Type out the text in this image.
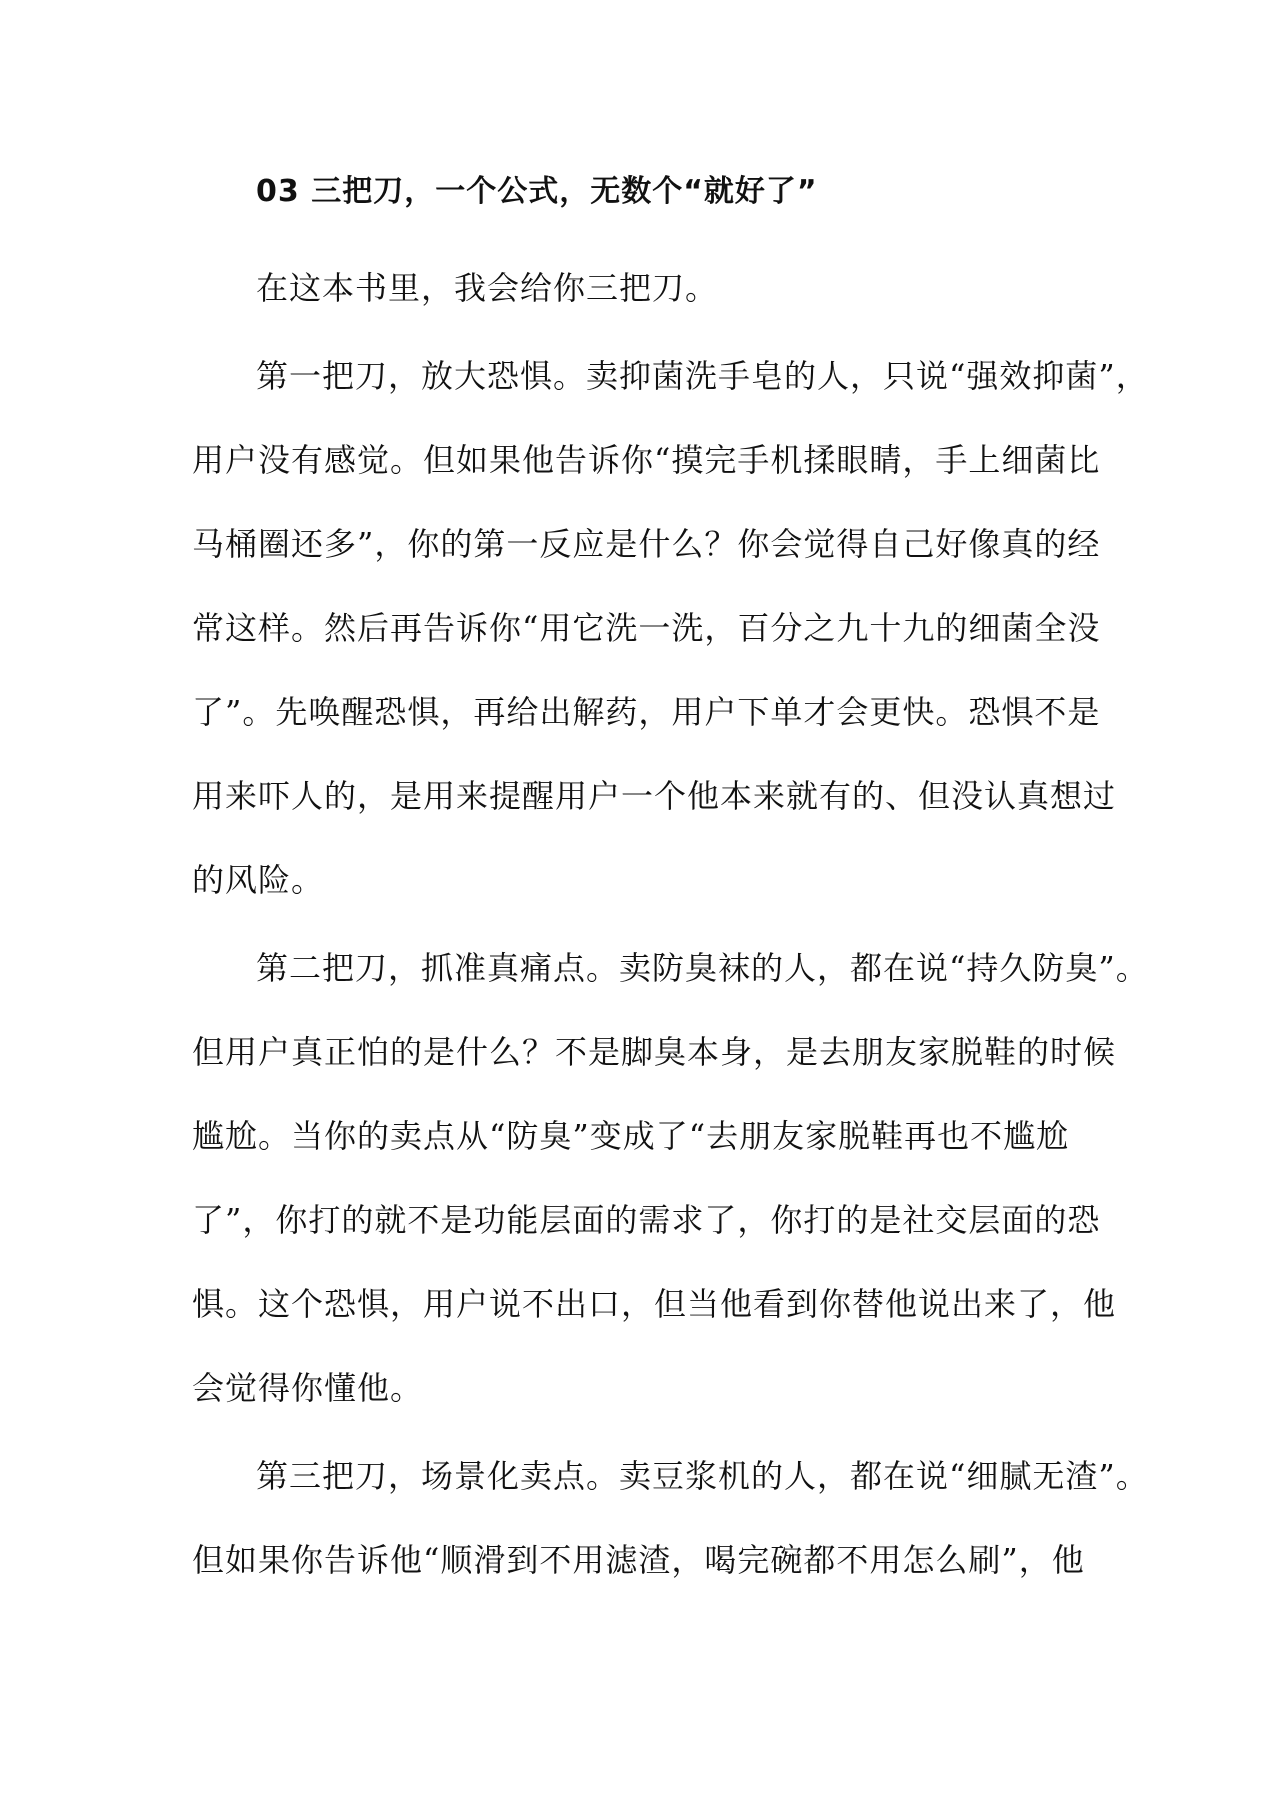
03 三把刀，一个公式，无数个“就好了”
在这本书里，我会给你三把刀。
第一把刀，放大恐惧。卖抑菌洗手皂的人，只说“强效抑菌”，
用户没有感觉。但如果他告诉你“摸完手机揉眼睛，手上细菌比
马桶圈还多”，你的第一反应是什么？你会觉得自己好像真的经
常这样。然后再告诉你“用它洗一洗，百分之九十九的细菌全没
了”。先唤醒恐惧，再给出解药，用户下单才会更快。恐惧不是
用来吓人的，是用来提醒用户一个他本来就有的、但没认真想过
的风险。
第二把刀，抓准真痛点。卖防臭袜的人，都在说“持久防臭”。
但用户真正怕的是什么？不是脚臭本身，是去朋友家脱鞋的时候
尴尬。当你的卖点从“防臭”变成了“去朋友家脱鞋再也不尴尬
了”，你打的就不是功能层面的需求了，你打的是社交层面的恐
惧。这个恐惧，用户说不出口，但当他看到你替他说出来了，他
会觉得你懂他。
第三把刀，场景化卖点。卖豆浆机的人，都在说“细腻无渣”。
但如果你告诉他“顺滑到不用滤渣，喝完碗都不用怎么刷”，他
